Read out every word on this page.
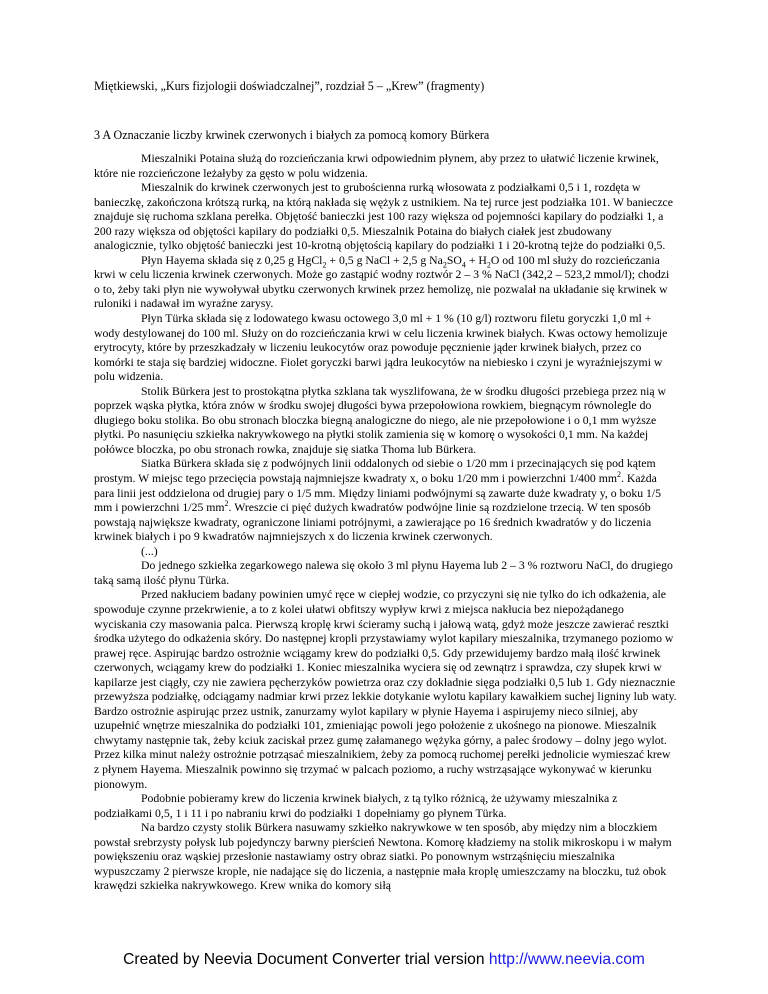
Miętkiewski, „Kurs fizjologii doświadczalnej”, rozdział 5 – „Krew” (fragmenty)
3 A Oznaczanie liczby krwinek czerwonych i białych za pomocą komory Bürkera

Mieszalniki Potaina służą do rozcieńczania krwi odpowiednim płynem, aby przez to ułatwić liczenie krwinek, które nie rozcieńczone leżałyby za gęsto w polu widzenia.

Mieszalnik do krwinek czerwonych jest to grubościenna rurką włosowata z podziałkami 0,5 i 1, rozdęta w banieczkę, zakończona krótszą rurką, na którą nakłada się wężyk z ustnikiem. Na tej rurce jest podziałka 101. W banieczce znajduje się ruchoma szklana perełka. Objętość banieczki jest 100 razy większa od pojemności kapilary do podziałki 1, a 200 razy większa od objętości kapilary do podziałki 0,5. Mieszalnik Potaina do białych ciałek jest zbudowany analogicznie, tylko objętość banieczki jest 10-krotną objętością kapilary do podziałki 1 i 20-krotną tejże do podziałki 0,5.

Płyn Hayema składa się z 0,25 g HgCl$_2$ + 0,5 g NaCl + 2,5 g $Na_2SO_4 + H_2O$ od 100 ml służy do rozcieńczania krwi w celu liczenia krwinek czerwonych. Może go zastąpić wodny roztwór 2 – 3 % NaCl (342,2 – 523,2 mmol/l); chodzi o to, żeby taki płyn nie wywoływał ubytku czerwonych krwinek przez hemolizę, nie pozwalał na układanie się krwinek w ruloniki i nadawał im wyraźne zarysy.

Płyn Türka składa się z lodowatego kwasu octowego 3,0 ml + 1 % (10 g/l) roztworu filetu goryczki 1,0 ml + wody destylowanej do 100 ml. Służy on do rozcieńczania krwi w celu liczenia krwinek białych. Kwas octowy hemolizuje erytrocyty, które by przeszkadzały w liczeniu leukocytów oraz powoduje pęcznienie jąder krwinek białych, przez co komórki te staja się bardziej widoczne. Fiolet goryczki barwi jądra leukocytów na niebiesko i czyni je wyraźniejszymi w polu widzenia.

Stolik Bürkera jest to prostokątna płytka szklana tak wyszlifowana, że w środku długości przebiega przez nią w poprzek wąska płytka, która znów w środku swojej długości bywa przepołowiona rowkiem, biegnącym równolegle do długiego boku stolika. Bo obu stronach bloczka biegną analogiczne do niego, ale nie przepołowione i o 0,1 mm wyższe płytki. Po nasunięciu szkiełka nakrywkowego na płytki stolik zamienia się w komorę o wysokości 0,1 mm. Na każdej połówce bloczka, po obu stronach rowka, znajduje się siatka Thoma lub Bürkera.

Siatka Bürkera składa się z podwójnych linii oddalonych od siebie o 1/20 mm i przecinających się pod kątem prostym. W miejsc tego przecięcia powstają najmniejsze kwadraty x, o boku 1/20 mm i powierzchni 1/400 $mm^2$. Każda para linii jest oddzielona od drugiej pary o 1/5 mm. Między liniami podwójnymi są zawarte duże kwadraty y, o boku 1/5 mm i powierzchni 1/25 $mm^2$. Wreszcie ci pięć dużych kwadratów podwójne linie są rozdzielone trzecią. W ten sposób powstają największe kwadraty, ograniczone liniami potrójnymi, a zawierające po 16 średnich kwadratów y do liczenia krwinek białych i po 9 kwadratów najmniejszych x do liczenia krwinek czerwonych.

(...)

Do jednego szkiełka zegarkowego nalewa się około 3 ml płynu Hayema lub 2 – 3 % roztworu NaCl, do drugiego taką samą ilość płynu Türka.

Przed nakłuciem badany powinien umyć ręce w ciepłej wodzie, co przyczyni się nie tylko do ich odkażenia, ale spowoduje czynne przekrwienie, a to z kolei ułatwi obfitszy wypływ krwi z miejsca nakłucia bez niepożądanego wyciskania czy masowania palca. Pierwszą kroplę krwi ścieramy suchą i jałową watą, gdyż może jeszcze zawierać resztki środka użytego do odkażenia skóry. Do następnej kropli przystawiamy wylot kapilary mieszalnika, trzymanego poziomo w prawej ręce. Aspirując bardzo ostrożnie wciągamy krew do podziałki 0,5. Gdy przewidujemy bardzo małą ilość krwinek czerwonych, wciągamy krew do podziałki 1. Koniec mieszalnika wyciera się od zewnątrz i sprawdza, czy słupek krwi w kapilarze jest ciągły, czy nie zawiera pęcherzyków powietrza oraz czy dokładnie sięga podziałki 0,5 lub 1. Gdy nieznacznie przewyższa podziałkę, odciągamy nadmiar krwi przez lekkie dotykanie wylotu kapilary kawałkiem suchej ligniny lub waty. Bardzo ostrożnie aspirując przez ustnik, zanurzamy wylot kapilary w płynie Hayema i aspirujemy nieco silniej, aby uzupełnić wnętrze mieszalnika do podziałki 101, zmieniając powoli jego położenie z ukośnego na pionowe. Mieszalnik chwytamy następnie tak, żeby kciuk zaciskał przez gumę załamanego wężyka górny, a palec środowy – dolny jego wylot. Przez kilka minut należy ostrożnie potrząsać mieszalnikiem, żeby za pomocą ruchomej perełki jednolicie wymieszać krew z płynem Hayema. Mieszalnik powinno się trzymać w palcach poziomo, a ruchy wstrząsające wykonywać w kierunku pionowym.

Podobnie pobieramy krew do liczenia krwinek białych, z tą tylko różnicą, że używamy mieszalnika z podziałkami 0,5, 1 i 11 i po nabraniu krwi do podziałki 1 dopełniamy go płynem Türka.

Na bardzo czysty stolik Bürkera nasuwamy szkiełko nakrywkowe w ten sposób, aby między nim a bloczkiem powstał srebrzysty połysk lub pojedynczy barwny pierścień Newtona. Komorę kładziemy na stolik mikroskopu i w małym powiększeniu oraz wąskiej przesłonie nastawiamy ostry obraz siatki. Po ponownym wstrząśnięciu mieszalnika wypuszczamy 2 pierwsze krople, nie nadające się do liczenia, a następnie mała kroplę umieszczamy na bloczku, tuż obok krawędzi szkiełka nakrywkowego. Krew wnika do komory siłą

Created by Neevia Document Converter trial version http://www.neevia.com
